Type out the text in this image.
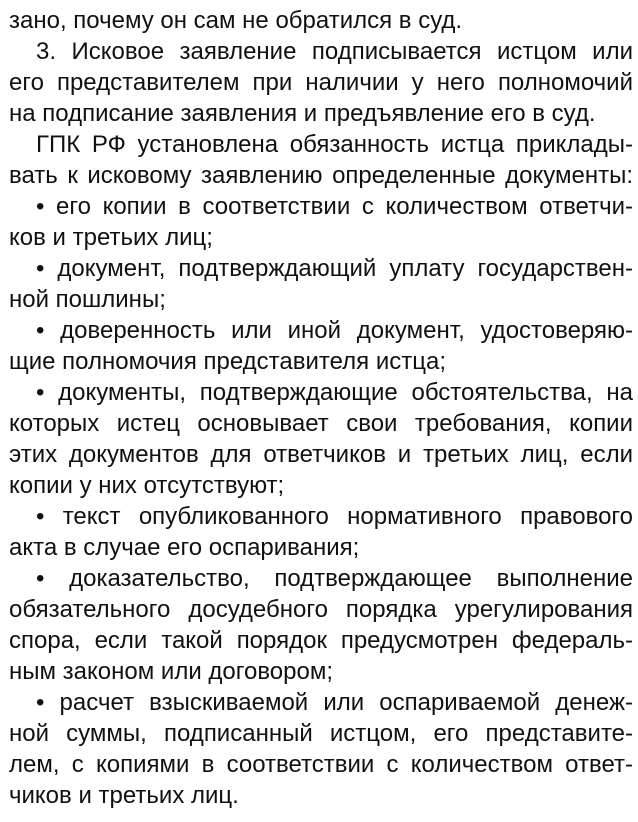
зано, почему он сам не обратился в суд.
3. Исковое заявление подписывается истцом или
его представителем при наличии у него полномочий
на подписание заявления и предъявление его в суд.
ГПК РФ установлена обязанность истца приклады-
вать к исковому заявлению определенные документы:
• его копии в соответствии с количеством ответчи-
ков и третьих лиц;
• документ, подтверждающий уплату государствен-
ной пошлины;
• доверенность или иной документ, удостоверяю-
щие полномочия представителя истца;
• документы, подтверждающие обстоятельства, на
которых истец основывает свои требования, копии
этих документов для ответчиков и третьих лиц, если
копии у них отсутствуют;
• текст опубликованного нормативного правового
акта в случае его оспаривания;
• доказательство, подтверждающее выполнение
обязательного досудебного порядка урегулирования
спора, если такой порядок предусмотрен федераль-
ным законом или договором;
• расчет взыскиваемой или оспариваемой денеж-
ной суммы, подписанный истцом, его представите-
лем, с копиями в соответствии с количеством ответ-
чиков и третьих лиц.
